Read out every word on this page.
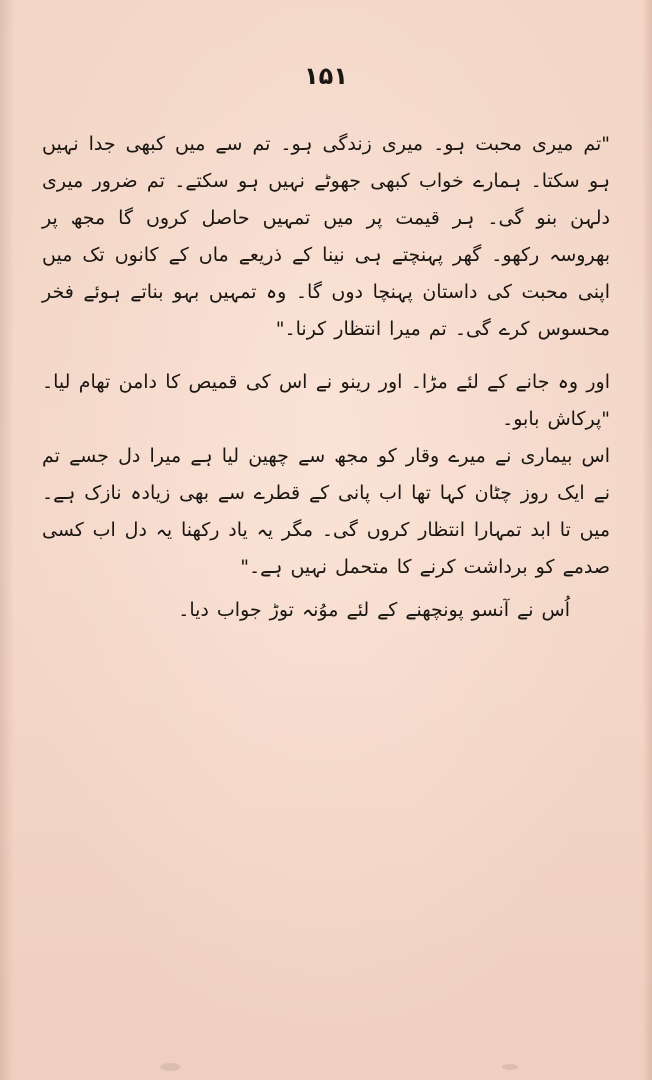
۱۵۱

"تم میری محبت ہو۔ میری زندگی ہو۔ تم سے میں کبھی جدا نہیں ہو سکتا۔ ہمارے خواب کبھی جھوٹے نہیں ہو سکتے۔ تم ضرور میری دلہن بنو گی۔ ہر قیمت پر میں تمہیں حاصل کروں گا مجھ پر بھروسہ رکھو۔ گھر پہنچتے ہی نینا کے ذریعے ماں کے کانوں تک میں اپنی محبت کی داستان پہنچا دوں گا۔ وہ تمہیں بہو بناتے ہوئے فخر محسوس کرے گی۔ تم میرا انتظار کرنا۔"

اور وہ جانے کے لئے مڑا۔ اور رینو نے اس کی قمیص کا دامن تھام لیا۔ "پرکاش بابو۔

اس بیماری نے میرے وقار کو مجھ سے چھین لیا ہے میرا دل جسے تم نے ایک روز چٹان کہا تھا اب پانی کے قطرے سے بھی زیادہ نازک ہے۔ میں تا ابد تمہارا انتظار کروں گی۔ مگر یہ یاد رکھنا یہ دل اب کسی صدمے کو برداشت کرنے کا متحمل نہیں ہے۔"

اُس نے آنسو پونچھنے کے لئے موُنہ توڑ جواب دیا۔
